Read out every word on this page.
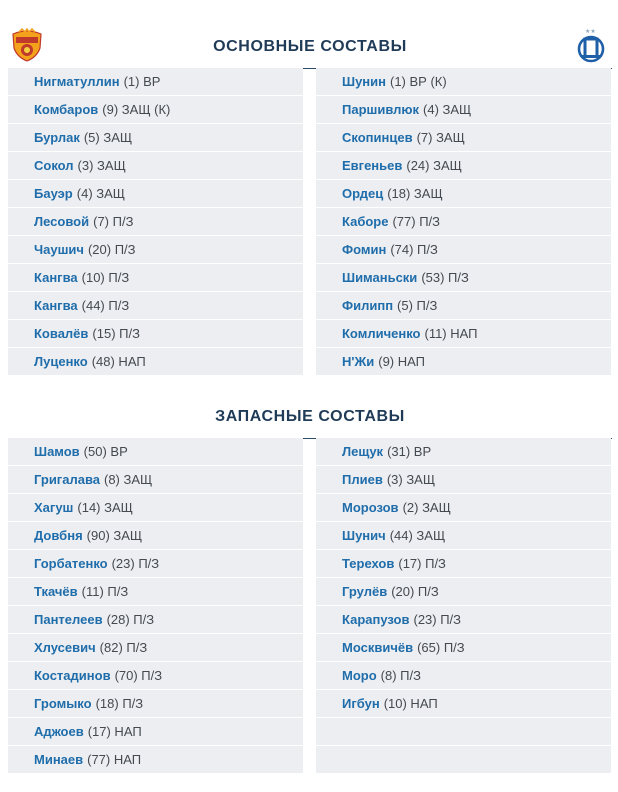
ОСНОВНЫЕ СОСТАВЫ
★★
Нигматуллин (1) ВР
Комбаров (9) ЗАЩ (К)
Бурлак (5) ЗАЩ
Сокол (3) ЗАЩ
Бауэр (4) ЗАЩ
Лесовой (7) П/З
Чаушич (20) П/З
Кангва (10) П/З
Кангва (44) П/З
Ковалёв (15) П/З
Луценко (48) НАП
Шунин (1) ВР (К)
Паршивлюк (4) ЗАЩ
Скопинцев (7) ЗАЩ
Евгеньев (24) ЗАЩ
Ордец (18) ЗАЩ
Каборе (77) П/З
Фомин (74) П/З
Шиманьски (53) П/З
Филипп (5) П/З
Комличенко (11) НАП
Н'Жи (9) НАП
ЗАПАСНЫЕ СОСТАВЫ
Шамов (50) ВР
Григалава (8) ЗАЩ
Хагуш (14) ЗАЩ
Довбня (90) ЗАЩ
Горбатенко (23) П/З
Ткачёв (11) П/З
Пантелеев (28) П/З
Хлусевич (82) П/З
Костадинов (70) П/З
Громыко (18) П/З
Аджоев (17) НАП
Минаев (77) НАП
Лещук (31) ВР
Плиев (3) ЗАЩ
Морозов (2) ЗАЩ
Шунич (44) ЗАЩ
Терехов (17) П/З
Грулёв (20) П/З
Карапузов (23) П/З
Москвичёв (65) П/З
Моро (8) П/З
Игбун (10) НАП
